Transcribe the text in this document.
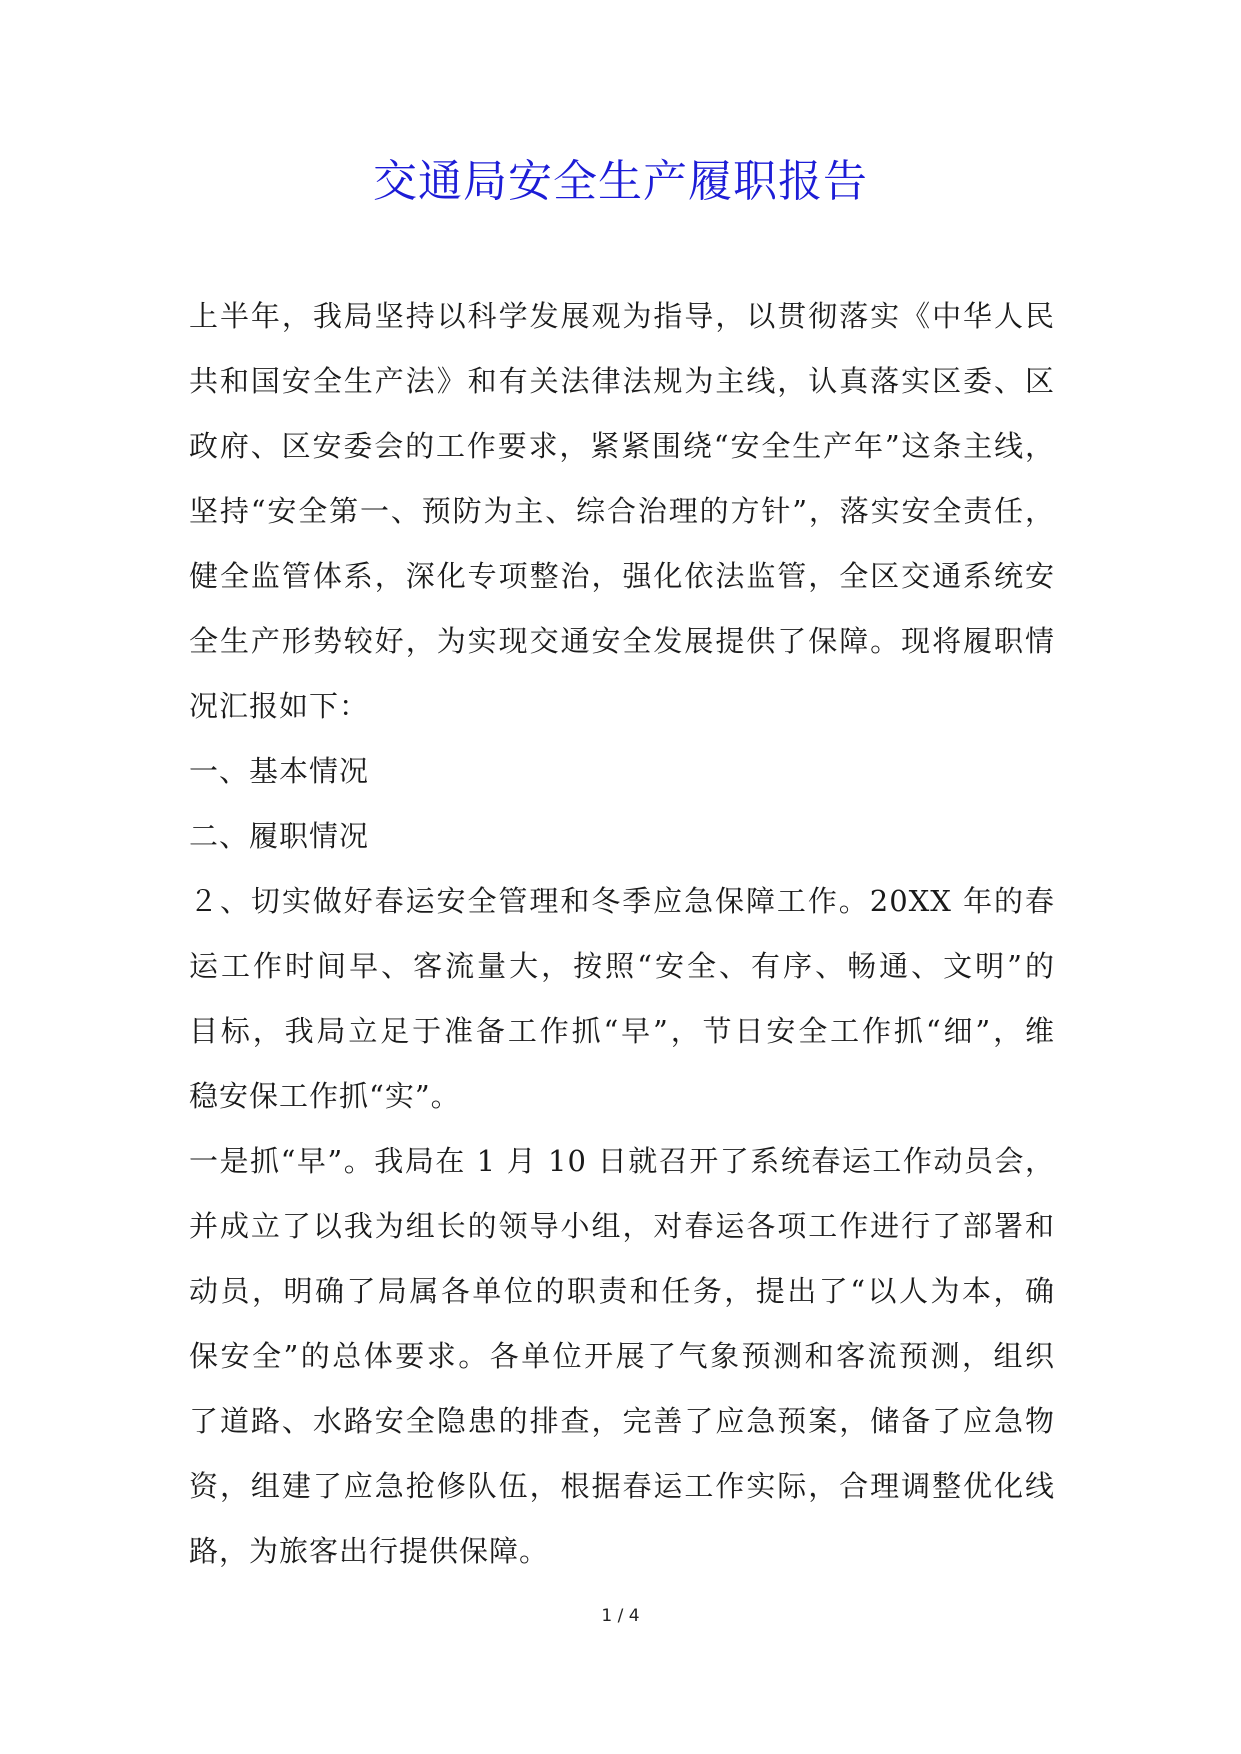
交通局安全生产履职报告
上半年，我局坚持以科学发展观为指导，以贯彻落实《中华人民
共和国安全生产法》和有关法律法规为主线，认真落实区委、区
政府、区安委会的工作要求，紧紧围绕“安全生产年”这条主线，
坚持“安全第一、预防为主、综合治理的方针”，落实安全责任，
健全监管体系，深化专项整治，强化依法监管，全区交通系统安
全生产形势较好，为实现交通安全发展提供了保障。现将履职情
况汇报如下：
一、基本情况
二、履职情况
２、切实做好春运安全管理和冬季应急保障工作。20XX 年的春
运工作时间早、客流量大，按照“安全、有序、畅通、文明”的
目标，我局立足于准备工作抓“早”，节日安全工作抓“细”，维
稳安保工作抓“实”。
一是抓“早”。我局在 1 月 10 日就召开了系统春运工作动员会，
并成立了以我为组长的领导小组，对春运各项工作进行了部署和
动员，明确了局属各单位的职责和任务，提出了“以人为本，确
保安全”的总体要求。各单位开展了气象预测和客流预测，组织
了道路、水路安全隐患的排查，完善了应急预案，储备了应急物
资，组建了应急抢修队伍，根据春运工作实际，合理调整优化线
路，为旅客出行提供保障。
1 / 4
